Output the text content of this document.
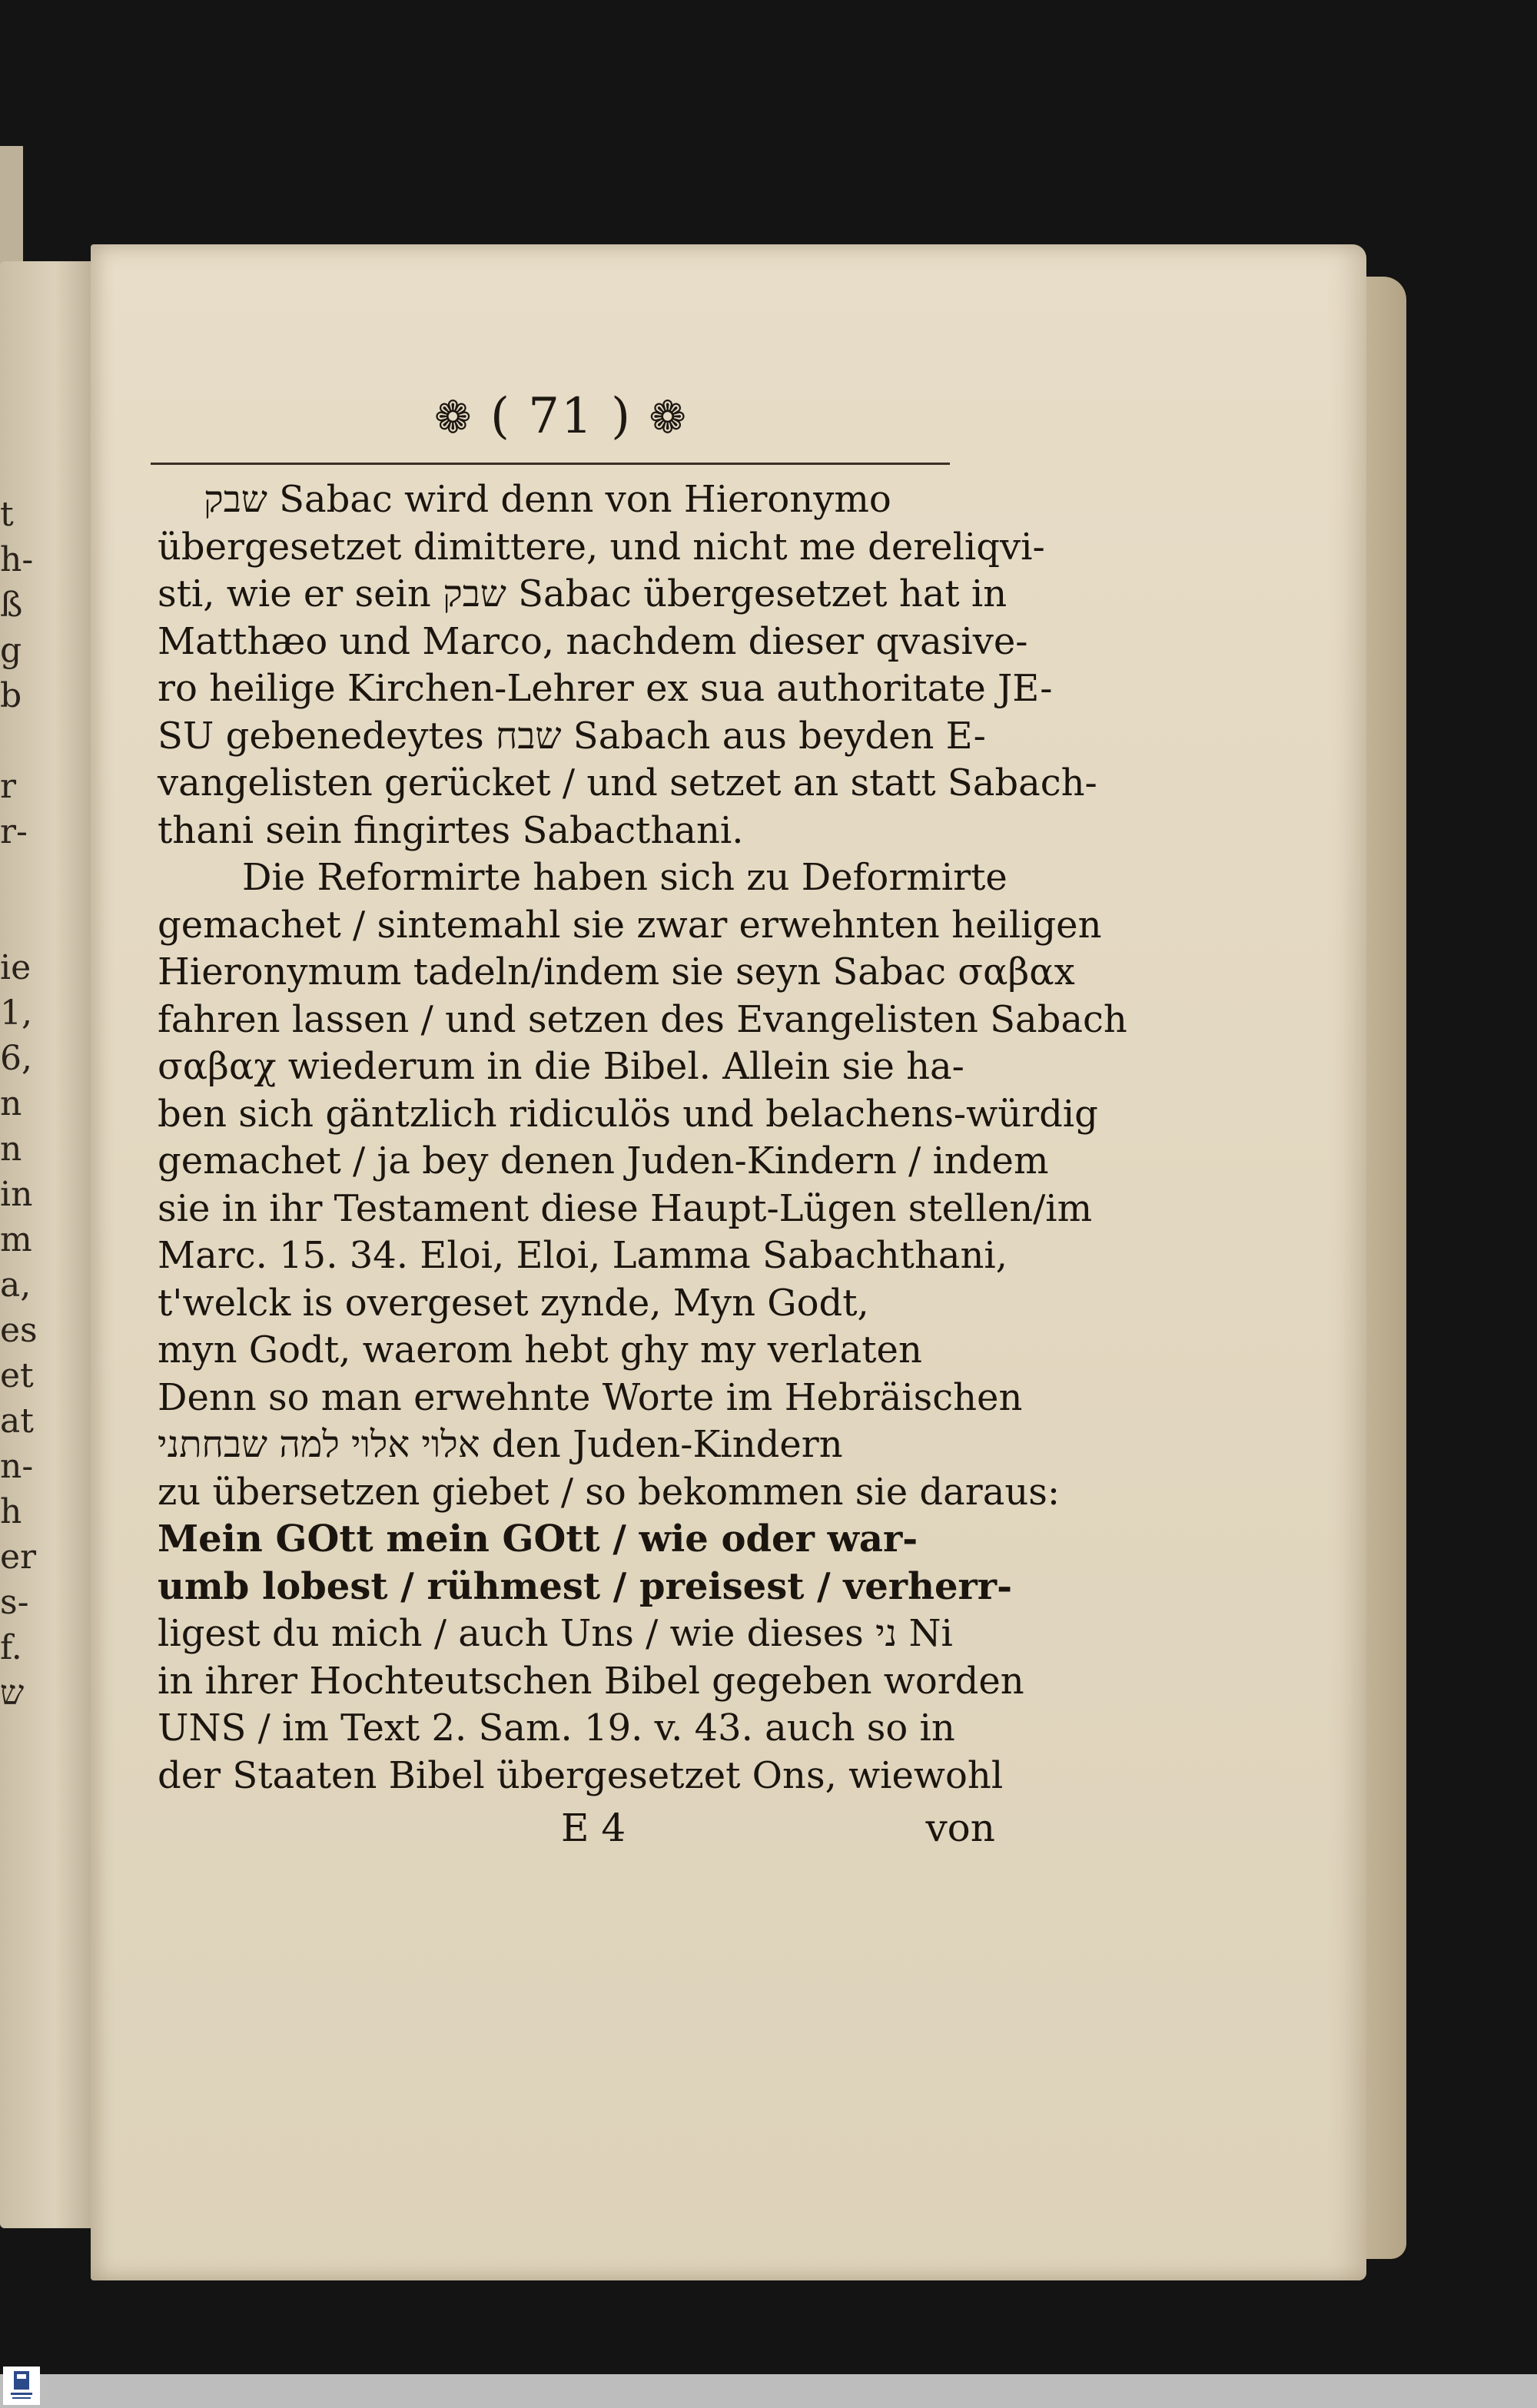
t
h-
ß
g
b
r
r-
ie
1,
6,
n
n
in
m
a,
es
et
at
n-
h
er
s-
f.
ש
❁ ( 71 ) ❁
שבק Sabac wird denn von Hieronymo
übergesetzet dimittere, und nicht me dereliqvi-
sti, wie er sein שבק Sabac übergesetzet hat in
Matthæo und Marco, nachdem dieser qvasive-
ro heilige Kirchen-Lehrer ex sua authoritate JE-
SU gebenedeytes שבח Sabach aus beyden E-
vangelisten gerücket / und setzet an statt Sabach-
thani sein fingirtes Sabacthani.
Die Reformirte haben sich zu Deformirte
gemachet / sintemahl sie zwar erwehnten heiligen
Hieronymum tadeln/indem sie seyn Sabac σαβαx
fahren lassen / und setzen des Evangelisten Sabach
σαβαχ wiederum in die Bibel. Allein sie ha-
ben sich gäntzlich ridiculös und belachens-würdig
gemachet / ja bey denen Juden-Kindern / indem
sie in ihr Testament diese Haupt-Lügen stellen/im
Marc. 15. 34. Eloi, Eloi, Lamma Sabachthani,
t'welck is overgeset zynde, Myn Godt,
myn Godt, waerom hebt ghy my verlaten
Denn so man erwehnte Worte im Hebräischen
אלוי אלוי למה שבחתני den Juden-Kindern
zu übersetzen giebet / so bekommen sie daraus:
Mein GOtt mein GOtt / wie oder war-
umb lobest / rühmest / preisest / verherr-
ligest du mich / auch Uns / wie dieses ני Ni
in ihrer Hochteutschen Bibel gegeben worden
UNS / im Text 2. Sam. 19. v. 43. auch so in
der Staaten Bibel übergesetzet Ons, wiewohl
E 4	von
